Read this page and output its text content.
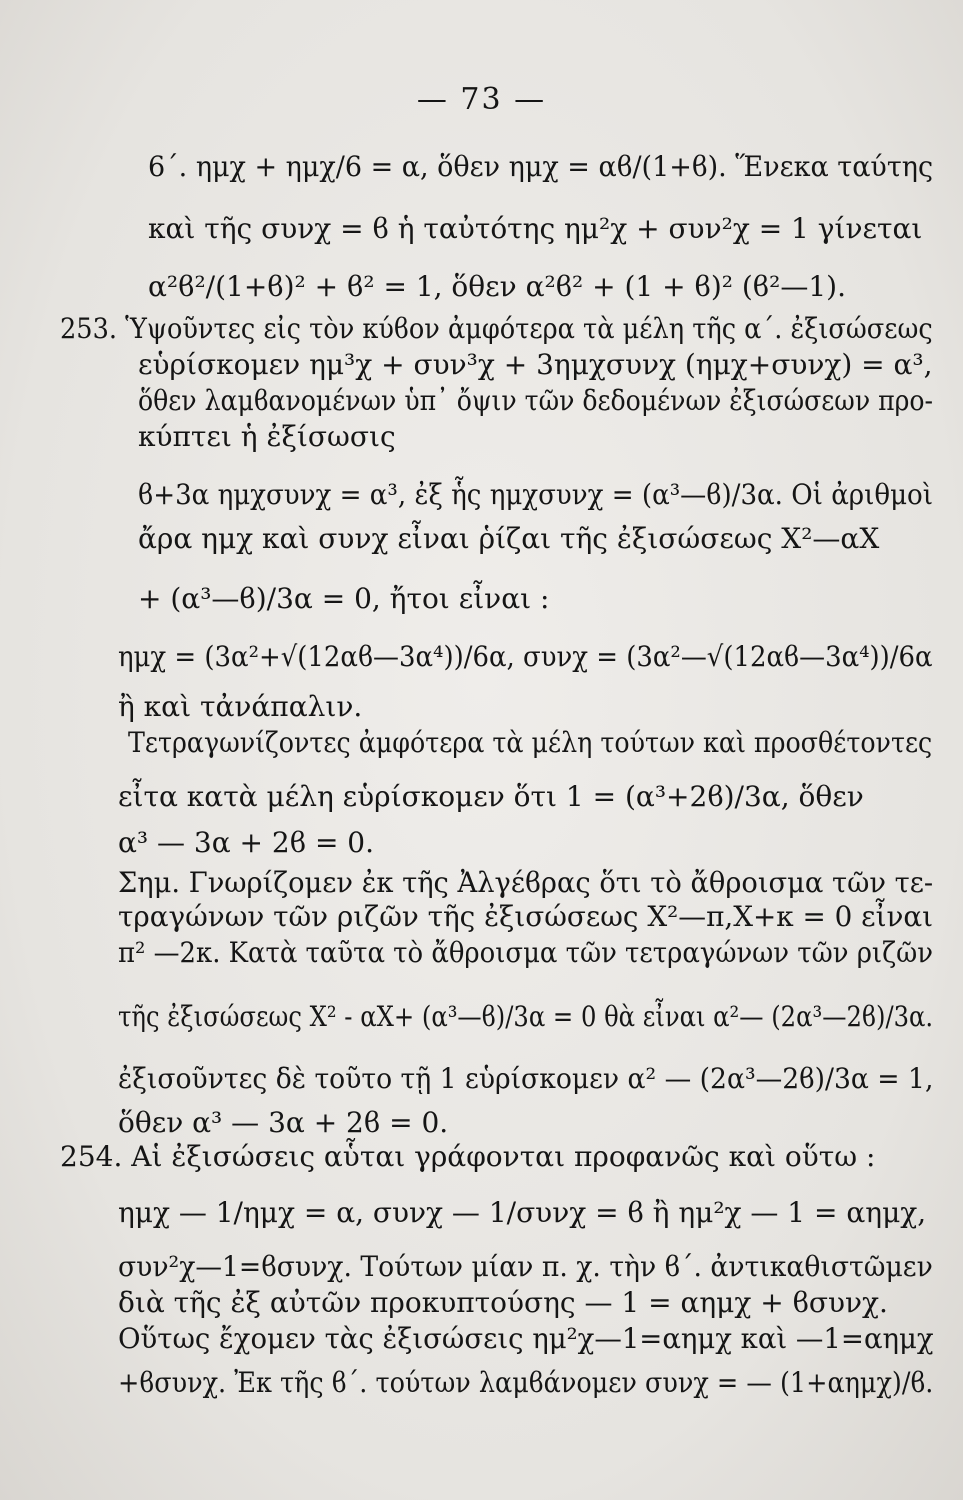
— 73 —
6΄. ημχ + ημχ/6 = α, ὅθεν ημχ = αϐ/(1+ϐ). Ἕνεκα ταύτης
καὶ τῆς συνχ = ϐ ἡ ταὐτότης ημ²χ + συν²χ = 1 γίνεται
α²ϐ²/(1+ϐ)² + ϐ² = 1, ὅθεν α²ϐ² + (1 + ϐ)² (ϐ²—1).
253. Ὑψοῦντες εἰς τὸν κύϐον ἀμφότερα τὰ μέλη τῆς α΄. ἐξισώσεως
εὑρίσκομεν ημ³χ + συν³χ + 3ημχσυνχ (ημχ+συνχ) = α³,
ὅθεν λαμϐανομένων ὑπ᾽ ὄψιν τῶν δεδομένων ἐξισώσεων προ-
κύπτει ἡ ἐξίσωσις
ϐ+3α ημχσυνχ = α³, ἐξ ἧς ημχσυνχ = (α³—ϐ)/3α. Οἱ ἀριθμοὶ
ἄρα ημχ καὶ συνχ εἶναι ῥίζαι τῆς ἐξισώσεως X²—αX
+ (α³—ϐ)/3α = 0, ἤτοι εἶναι :
ημχ = (3α²+√(12αϐ—3α⁴))/6α, συνχ = (3α²—√(12αϐ—3α⁴))/6α
ἢ καὶ τἀνάπαλιν.
Τετραγωνίζοντες ἀμφότερα τὰ μέλη τούτων καὶ προσθέτοντες
εἶτα κατὰ μέλη εὑρίσκομεν ὅτι 1 = (α³+2ϐ)/3α, ὅθεν
α³ — 3α + 2ϐ = 0.
Σημ. Γνωρίζομεν ἐκ τῆς Ἀλγέϐρας ὅτι τὸ ἄθροισμα τῶν τε-
τραγώνων τῶν ριζῶν τῆς ἐξισώσεως X²—π,X+κ = 0 εἶναι
π² —2κ. Κατὰ ταῦτα τὸ ἄθροισμα τῶν τετραγώνων τῶν ριζῶν
τῆς ἐξισώσεως X² - αX+ (α³—ϐ)/3α = 0 θὰ εἶναι α²— (2α³—2ϐ)/3α.
ἐξισοῦντες δὲ τοῦτο τῇ 1 εὑρίσκομεν α² — (2α³—2ϐ)/3α = 1,
ὅθεν α³ — 3α + 2ϐ = 0.
254. Αἱ ἐξισώσεις αὗται γράφονται προφανῶς καὶ οὕτω :
ημχ — 1/ημχ = α, συνχ — 1/συνχ = ϐ ἢ ημ²χ — 1 = αημχ,
συν²χ—1=ϐσυνχ. Τούτων μίαν π. χ. τὴν ϐ΄. ἀντικαθιστῶμεν
διὰ τῆς ἐξ αὐτῶν προκυπτούσης — 1 = αημχ + ϐσυνχ.
Οὕτως ἔχομεν τὰς ἐξισώσεις ημ²χ—1=αημχ καὶ —1=αημχ
+ϐσυνχ. Ἐκ τῆς ϐ΄. τούτων λαμϐάνομεν συνχ = — (1+αημχ)/ϐ.
